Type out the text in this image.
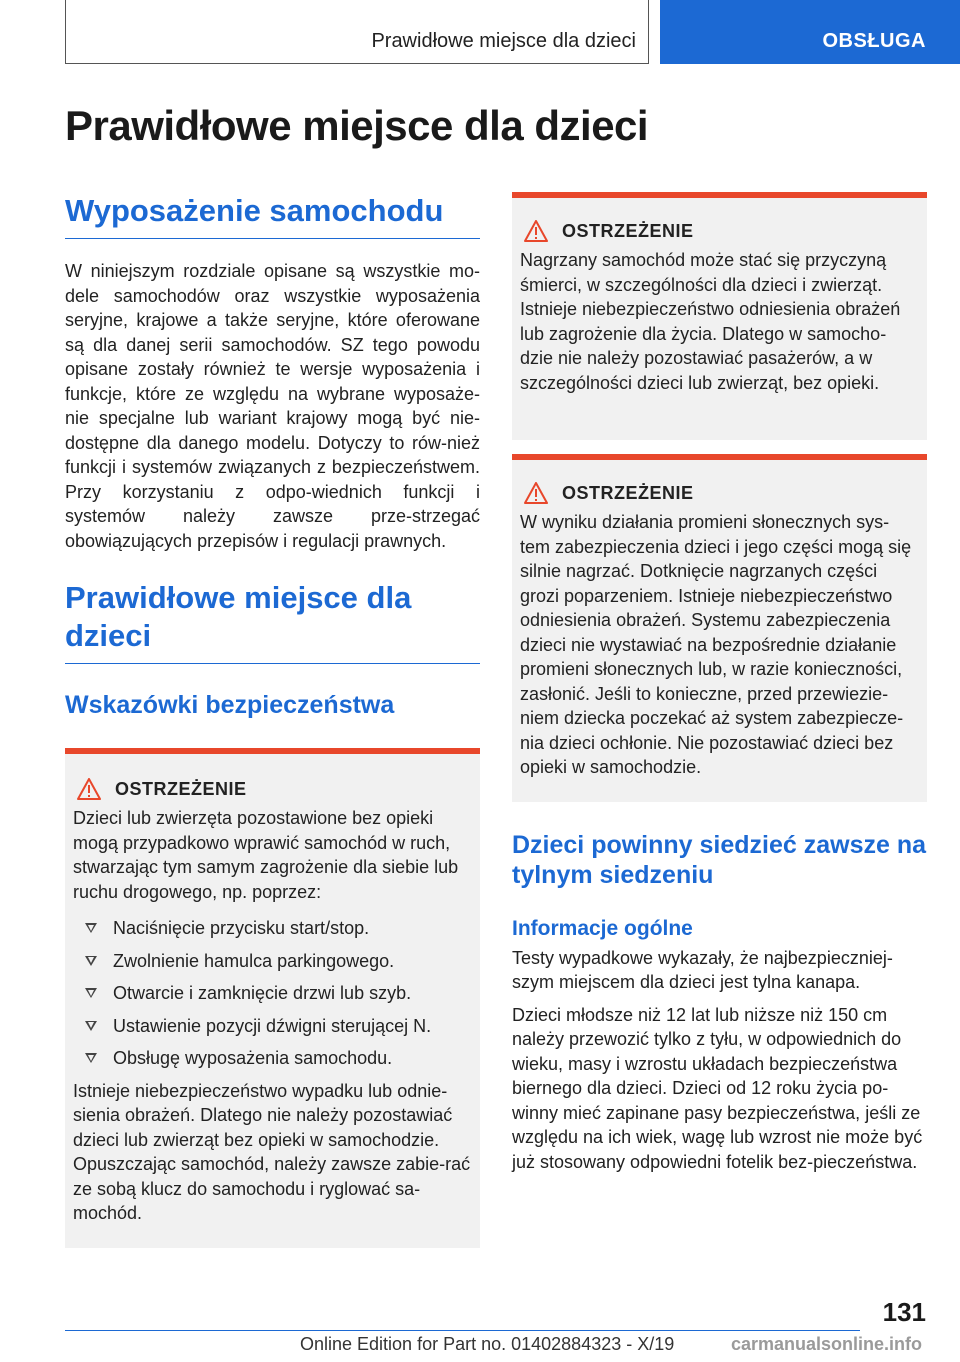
Prawidłowe miejsce dla dzieci	OBSŁUGA
Prawidłowe miejsce dla dzieci
Wyposażenie samochodu

W niniejszym rozdziale opisane są wszystkie mo-dele samochodów oraz wszystkie wyposażenia seryjne, krajowe a także seryjne, które oferowane są dla danej serii samochodów. SZ tego powodu opisane zostały również te wersje wyposażenia i funkcje, które ze względu na wybrane wyposaże-nie specjalne lub wariant krajowy mogą być nie-dostępne dla danego modelu. Dotyczy to rów-nież funkcji i systemów związanych z bezpieczeństwem. Przy korzystaniu z odpo-wiednich funkcji i systemów należy zawsze prze-strzegać obowiązujących przepisów i regulacji prawnych.

Prawidłowe miejsce dla dzieci
Wskazówki bezpieczeństwa
OSTRZEŻENIE

Dzieci lub zwierzęta pozostawione bez opieki mogą przypadkowo wprawić samochód w ruch, stwarzając tym samym zagrożenie dla siebie lub ruchu drogowego, np. poprzez:

Naciśnięcie przycisku start/stop.
Zwolnienie hamulca parkingowego.
Otwarcie i zamknięcie drzwi lub szyb.
Ustawienie pozycji dźwigni sterującej N.
Obsługę wyposażenia samochodu.

Istnieje niebezpieczeństwo wypadku lub odnie-sienia obrażeń. Dlatego nie należy pozostawiać dzieci lub zwierząt bez opieki w samochodzie. Opuszczając samochód, należy zawsze zabie-rać ze sobą klucz do samochodu i ryglować sa-mochód.

OSTRZEŻENIE

Nagrzany samochód może stać się przyczyną śmierci, w szczególności dla dzieci i zwierząt. Istnieje niebezpieczeństwo odniesienia obrażeń lub zagrożenie dla życia. Dlatego w samocho-dzie nie należy pozostawiać pasażerów, a w szczególności dzieci lub zwierząt, bez opieki.

OSTRZEŻENIE

W wyniku działania promieni słonecznych sys-tem zabezpieczenia dzieci i jego części mogą się silnie nagrzać. Dotknięcie nagrzanych części grozi poparzeniem. Istnieje niebezpieczeństwo odniesienia obrażeń. Systemu zabezpieczenia dzieci nie wystawiać na bezpośrednie działanie promieni słonecznych lub, w razie konieczności, zasłonić. Jeśli to konieczne, przed przewiezie-niem dziecka poczekać aż system zabezpiecze-nia dzieci ochłonie. Nie pozostawiać dzieci bez opieki w samochodzie.

Dzieci powinny siedzieć zawsze na tylnym siedzeniu
Informacje ogólne

Testy wypadkowe wykazały, że najbezpieczniej-szym miejscem dla dzieci jest tylna kanapa.

Dzieci młodsze niż 12 lat lub niższe niż 150 cm należy przewozić tylko z tyłu, w odpowiednich do wieku, masy i wzrostu układach bezpieczeństwa biernego dla dzieci. Dzieci od 12 roku życia po-winny mieć zapinane pasy bezpieczeństwa, jeśli ze względu na ich wiek, wagę lub wzrost nie może być już stosowany odpowiedni fotelik bez-pieczeństwa.

131
Online Edition for Part no. 01402884323 - X/19	carmanualsonline.info
